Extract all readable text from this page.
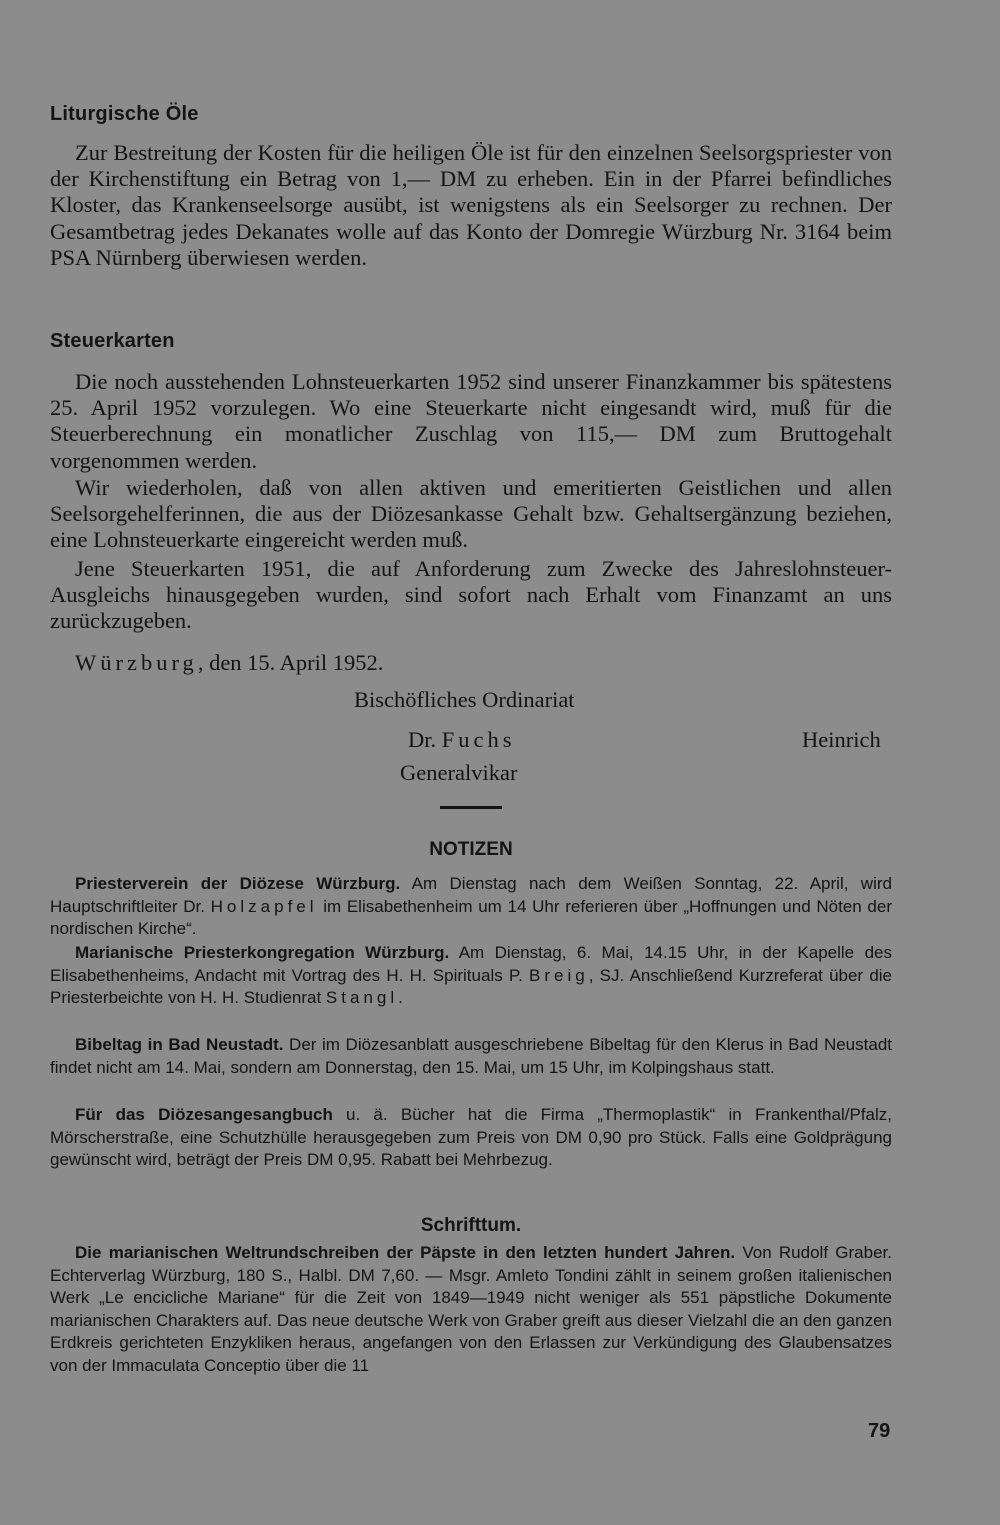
Liturgische Öle

Zur Bestreitung der Kosten für die heiligen Öle ist für den einzelnen Seelsorgspriester von der Kirchenstiftung ein Betrag von 1,— DM zu erheben. Ein in der Pfarrei befindliches Kloster, das Krankenseelsorge ausübt, ist wenigstens als ein Seelsorger zu rechnen. Der Gesamtbetrag jedes Dekanates wolle auf das Konto der Domregie Würzburg Nr. 3164 beim PSA Nürnberg überwiesen werden.

Steuerkarten

Die noch ausstehenden Lohnsteuerkarten 1952 sind unserer Finanzkammer bis spätestens 25. April 1952 vorzulegen. Wo eine Steuerkarte nicht eingesandt wird, muß für die Steuerberechnung ein monatlicher Zuschlag von 115,— DM zum Bruttogehalt vorgenommen werden.

Wir wiederholen, daß von allen aktiven und emeritierten Geistlichen und allen Seelsorgehelferinnen, die aus der Diözesankasse Gehalt bzw. Gehaltsergänzung beziehen, eine Lohnsteuerkarte eingereicht werden muß.

Jene Steuerkarten 1951, die auf Anforderung zum Zwecke des Jahreslohnsteuer-Ausgleichs hinausgegeben wurden, sind sofort nach Erhalt vom Finanzamt an uns zurückzugeben.

Würzburg, den 15. April 1952.
Bischöfliches Ordinariat
Dr. Fuchs	Heinrich
Generalvikar
NOTIZEN

Priesterverein der Diözese Würzburg. Am Dienstag nach dem Weißen Sonntag, 22. April, wird Hauptschriftleiter Dr. Holzapfel im Elisabethenheim um 14 Uhr referieren über „Hoffnungen und Nöten der nordischen Kirche“.

Marianische Priesterkongregation Würzburg. Am Dienstag, 6. Mai, 14.15 Uhr, in der Kapelle des Elisabethenheims, Andacht mit Vortrag des H. H. Spirituals P. Breig, SJ. Anschließend Kurzreferat über die Priesterbeichte von H. H. Studienrat Stangl.

Bibeltag in Bad Neustadt. Der im Diözesanblatt ausgeschriebene Bibeltag für den Klerus in Bad Neustadt findet nicht am 14. Mai, sondern am Donnerstag, den 15. Mai, um 15 Uhr, im Kolpingshaus statt.

Für das Diözesangesangbuch u. ä. Bücher hat die Firma „Thermoplastik“ in Frankenthal/Pfalz, Mörscherstraße, eine Schutzhülle herausgegeben zum Preis von DM 0,90 pro Stück. Falls eine Goldprägung gewünscht wird, beträgt der Preis DM 0,95. Rabatt bei Mehrbezug.

Schrifttum.

Die marianischen Weltrundschreiben der Päpste in den letzten hundert Jahren. Von Rudolf Graber. Echterverlag Würzburg, 180 S., Halbl. DM 7,60. — Msgr. Amleto Tondini zählt in seinem großen italienischen Werk „Le encicliche Mariane“ für die Zeit von 1849—1949 nicht weniger als 551 päpstliche Dokumente marianischen Charakters auf. Das neue deutsche Werk von Graber greift aus dieser Vielzahl die an den ganzen Erdkreis gerichteten Enzykliken heraus, angefangen von den Erlassen zur Verkündigung des Glaubensatzes von der Immaculata Conceptio über die 11

79
